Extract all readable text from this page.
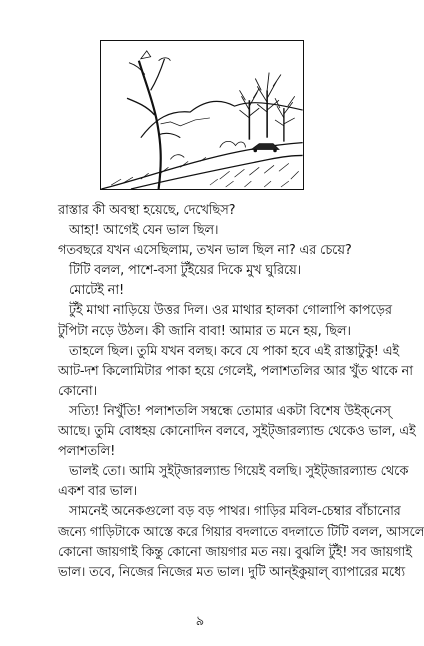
রাস্তার কী অবস্থা হয়েছে, দেখেছিস?
আহা! আগেই যেন ভাল ছিল।
গতবছরে যখন এসেছিলাম, তখন ভাল ছিল না? এর চেয়ে?
টিটি বলল, পাশে-বসা টুঁইয়ের দিকে মুখ ঘুরিয়ে।
মোটেই না!
টুঁই মাথা নাড়িয়ে উত্তর দিল। ওর মাথার হালকা গোলাপি কাপড়ের
টুপিটা নড়ে উঠল। কী জানি বাবা! আমার ত মনে হয়, ছিল।
তাহলে ছিল। তুমি যখন বলছ। কবে যে পাকা হবে এই রাস্তাটুকু! এই
আট-দশ কিলোমিটার পাকা হয়ে গেলেই, পলাশতলির আর খুঁত থাকে না
কোনো।
সত্যি! নিখুঁতি! পলাশতলি সম্বন্ধে তোমার একটা বিশেষ উইক্‌নেস্
আছে। তুমি বোধহয় কোনোদিন বলবে, সুইট্‌জারল্যান্ড থেকেও ভাল, এই
পলাশতলি!
ভালই তো। আমি সুইট্‌জারল্যান্ড গিয়েই বলছি। সুইট্‌জারল্যান্ড থেকে
একশ বার ভাল।
সামনেই অনেকগুলো বড় বড় পাথর। গাড়ির মবিল-চেম্বার বাঁচানোর
জন্যে গাড়িটাকে আস্তে করে গিয়ার বদলাতে বদলাতে টিটি বলল, আসলে
কোনো জায়গাই কিন্তু কোনো জায়গার মত নয়। বুঝলি টুঁই! সব জায়গাই
ভাল। তবে, নিজের নিজের মত ভাল। দুটি আন্‌ইকুয়াল্ ব্যাপারের মধ্যে
৯
